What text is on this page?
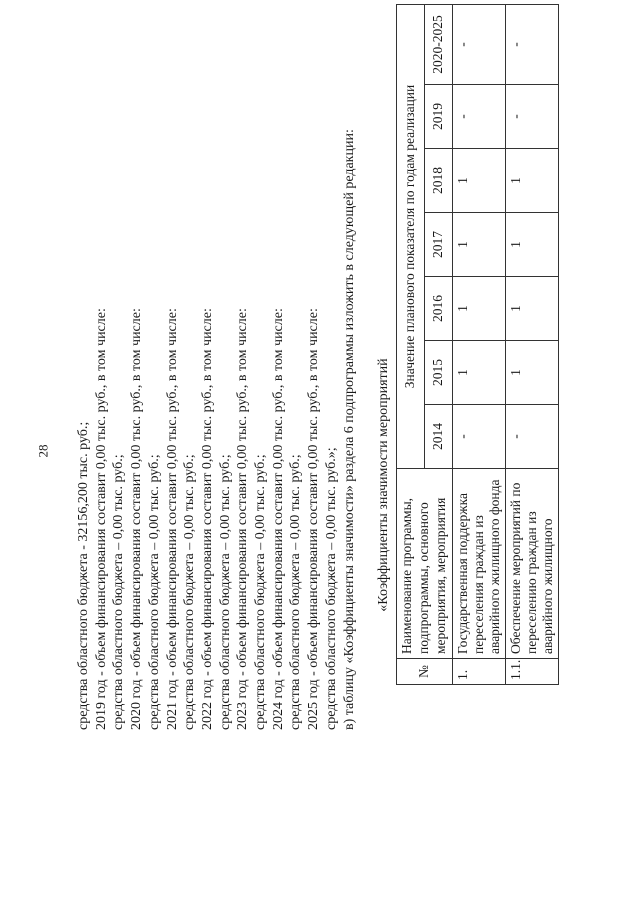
28 средства областного бюджета - 32156,200 тыс. руб.; 2019 год - объем финансирования составит 0,00 тыс. руб., в том числе: средства областного бюджета – 0,00 тыс. руб.; 2020 год - объем финансирования составит 0,00 тыс. руб., в том числе: средства областного бюджета – 0,00 тыс. руб.; 2021 год - объем финансирования составит 0,00 тыс. руб., в том числе: средства областного бюджета – 0,00 тыс. руб.; 2022 год - объем финансирования составит 0,00 тыс. руб., в том числе: средства областного бюджета – 0,00 тыс. руб.; 2023 год - объем финансирования составит 0,00 тыс. руб., в том числе: средства областного бюджета – 0,00 тыс. руб.; 2024 год - объем финансирования составит 0,00 тыс. руб., в том числе: средства областного бюджета – 0,00 тыс. руб.; 2025 год - объем финансирования составит 0,00 тыс. руб., в том числе: средства областного бюджета – 0,00 тыс. руб.»; в) таблицу «Коэффициенты значимости» раздела 6 подпрограммы изложить в следующей редакции: «Коэффициенты значимости мероприятий
№	Наименование программы, подпрограммы, основного мероприятия, мероприятия	Значение планового показателя по годам реализации						
		2014	2015	2016	2017	2018	2019	2020-2025
1.	Государственная поддержка переселения граждан из аварийного жилищного фонда	-	1	1	1	1	-	-
1.1.	Обеспечение мероприятий по переселению граждан из аварийного жилищного	-	1	1	1	1	-	-
